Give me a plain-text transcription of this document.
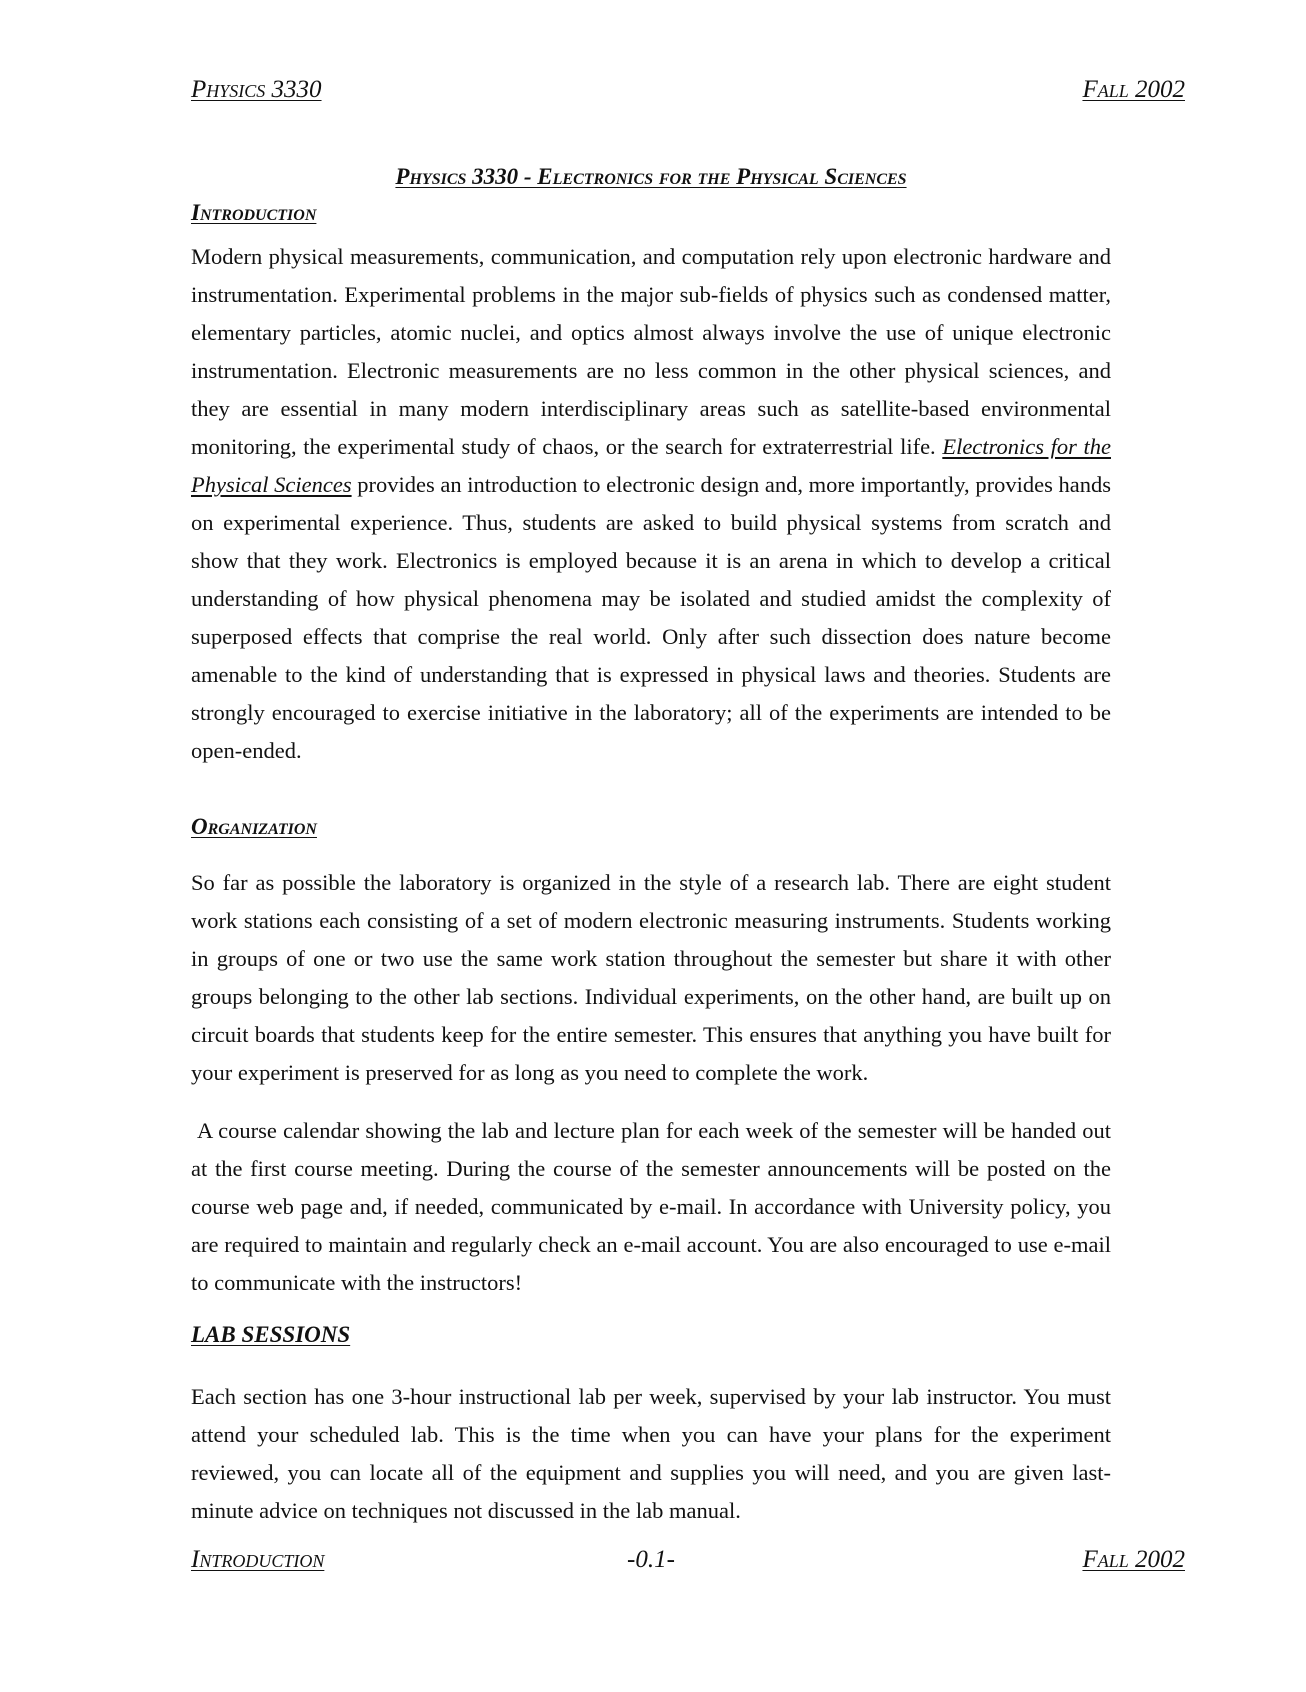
Physics 3330	Fall 2002
Physics 3330 - Electronics for the Physical Sciences
Introduction

Modern physical measurements, communication, and computation rely upon electronic hardware and instrumentation. Experimental problems in the major sub-fields of physics such as condensed matter, elementary particles, atomic nuclei, and optics almost always involve the use of unique electronic instrumentation. Electronic measurements are no less common in the other physical sciences, and they are essential in many modern interdisciplinary areas such as satellite-based environmental monitoring, the experimental study of chaos, or the search for extraterrestrial life. Electronics for the Physical Sciences provides an introduction to electronic design and, more importantly, provides hands on experimental experience. Thus, students are asked to build physical systems from scratch and show that they work. Electronics is employed because it is an arena in which to develop a critical understanding of how physical phenomena may be isolated and studied amidst the complexity of superposed effects that comprise the real world. Only after such dissection does nature become amenable to the kind of understanding that is expressed in physical laws and theories. Students are strongly encouraged to exercise initiative in the laboratory; all of the experiments are intended to be open-ended.

Organization

So far as possible the laboratory is organized in the style of a research lab. There are eight student work stations each consisting of a set of modern electronic measuring instruments. Students working in groups of one or two use the same work station throughout the semester but share it with other groups belonging to the other lab sections. Individual experiments, on the other hand, are built up on circuit boards that students keep for the entire semester. This ensures that anything you have built for your experiment is preserved for as long as you need to complete the work.

A course calendar showing the lab and lecture plan for each week of the semester will be handed out at the first course meeting. During the course of the semester announcements will be posted on the course web page and, if needed, communicated by e-mail. In accordance with University policy, you are required to maintain and regularly check an e-mail account. You are also encouraged to use e-mail to communicate with the instructors!

LAB SESSIONS

Each section has one 3-hour instructional lab per week, supervised by your lab instructor. You must attend your scheduled lab. This is the time when you can have your plans for the experiment reviewed, you can locate all of the equipment and supplies you will need, and you are given last-minute advice on techniques not discussed in the lab manual.

Introduction	-0.1-	Fall 2002
